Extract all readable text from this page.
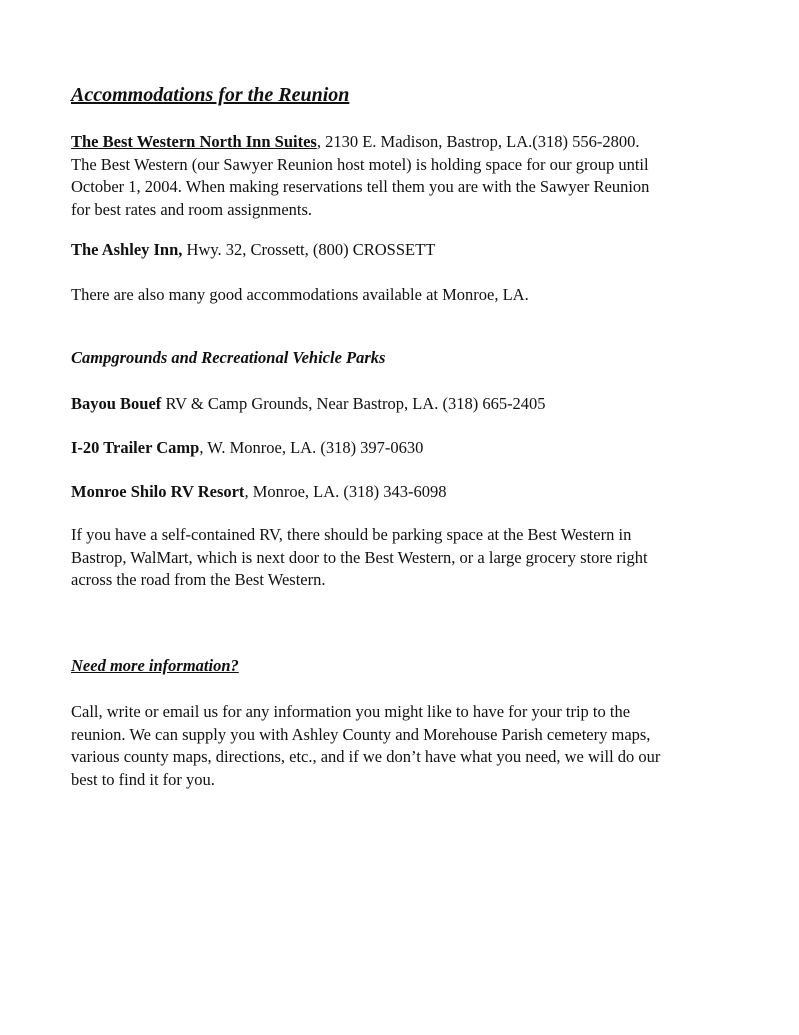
Accommodations for the Reunion
The Best Western North Inn Suites, 2130 E. Madison, Bastrop, LA.(318) 556-2800.
The Best Western (our Sawyer Reunion host motel) is holding space for our group until
October 1, 2004. When making reservations tell them you are with the Sawyer Reunion
for best rates and room assignments.
The Ashley Inn, Hwy. 32, Crossett, (800) CROSSETT
There are also many good accommodations available at Monroe, LA.
Campgrounds and Recreational Vehicle Parks
Bayou Bouef RV & Camp Grounds, Near Bastrop, LA. (318) 665-2405
I-20 Trailer Camp, W. Monroe, LA. (318) 397-0630
Monroe Shilo RV Resort, Monroe, LA. (318) 343-6098
If you have a self-contained RV, there should be parking space at the Best Western in
Bastrop, WalMart, which is next door to the Best Western, or a large grocery store right
across the road from the Best Western.
Need more information?
Call, write or email us for any information you might like to have for your trip to the
reunion. We can supply you with Ashley County and Morehouse Parish cemetery maps,
various county maps, directions, etc., and if we don’t have what you need, we will do our
best to find it for you.
